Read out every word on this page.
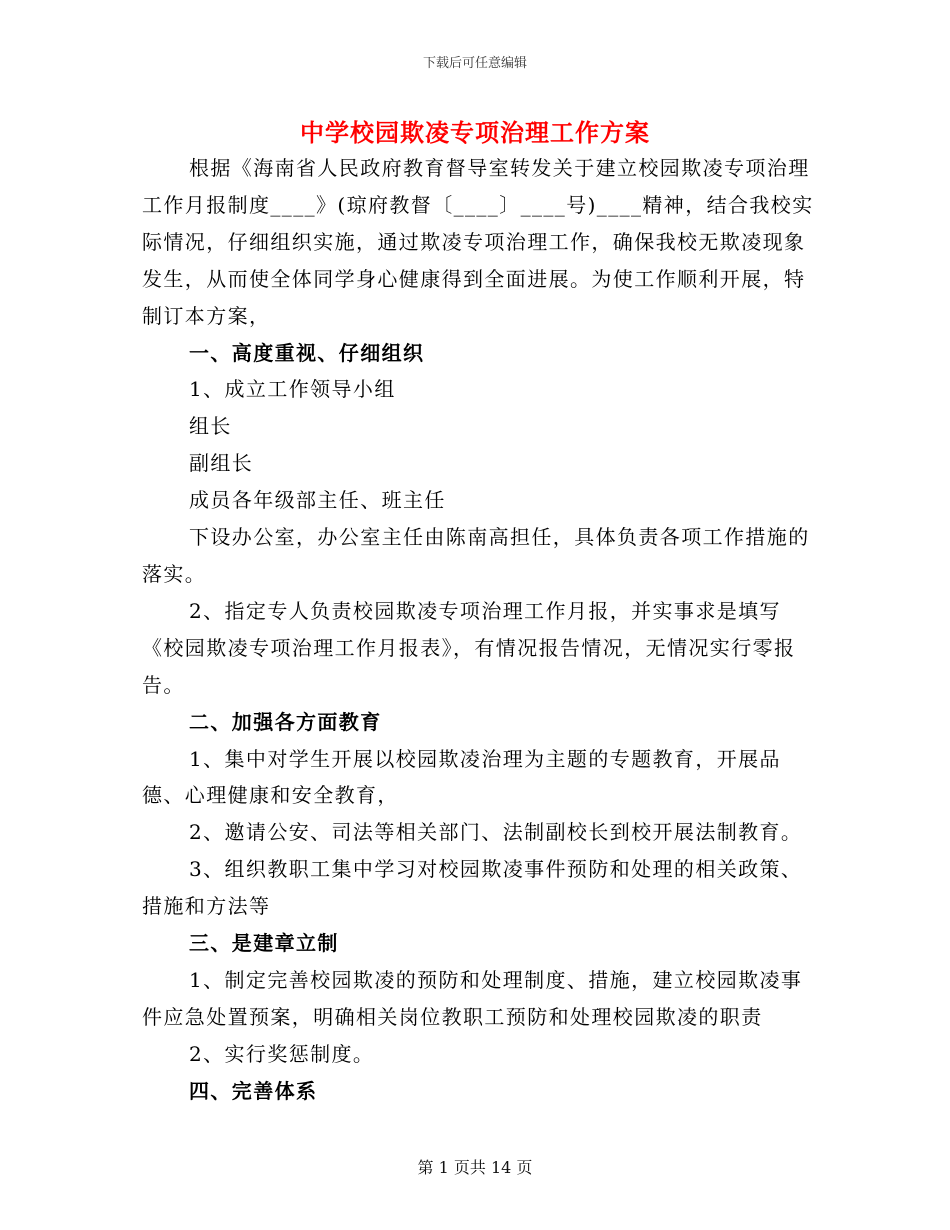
下载后可任意编辑
中学校园欺凌专项治理工作方案

根据《海南省人民政府教育督导室转发关于建立校园欺凌专项治理工作月报制度____》(琼府教督〔____〕____号)____精神，结合我校实际情况，仔细组织实施，通过欺凌专项治理工作，确保我校无欺凌现象发生，从而使全体同学身心健康得到全面进展。为使工作顺利开展，特制订本方案，

一、高度重视、仔细组织

1、成立工作领导小组

组长

副组长

成员各年级部主任、班主任

下设办公室，办公室主任由陈南高担任，具体负责各项工作措施的落实。

2、指定专人负责校园欺凌专项治理工作月报，并实事求是填写《校园欺凌专项治理工作月报表》，有情况报告情况，无情况实行零报告。

二、加强各方面教育

1、集中对学生开展以校园欺凌治理为主题的专题教育，开展品德、心理健康和安全教育，

2、邀请公安、司法等相关部门、法制副校长到校开展法制教育。

3、组织教职工集中学习对校园欺凌事件预防和处理的相关政策、措施和方法等

三、是建章立制

1、制定完善校园欺凌的预防和处理制度、措施，建立校园欺凌事件应急处置预案，明确相关岗位教职工预防和处理校园欺凌的职责

2、实行奖惩制度。

四、完善体系

第 1 页共 14 页
